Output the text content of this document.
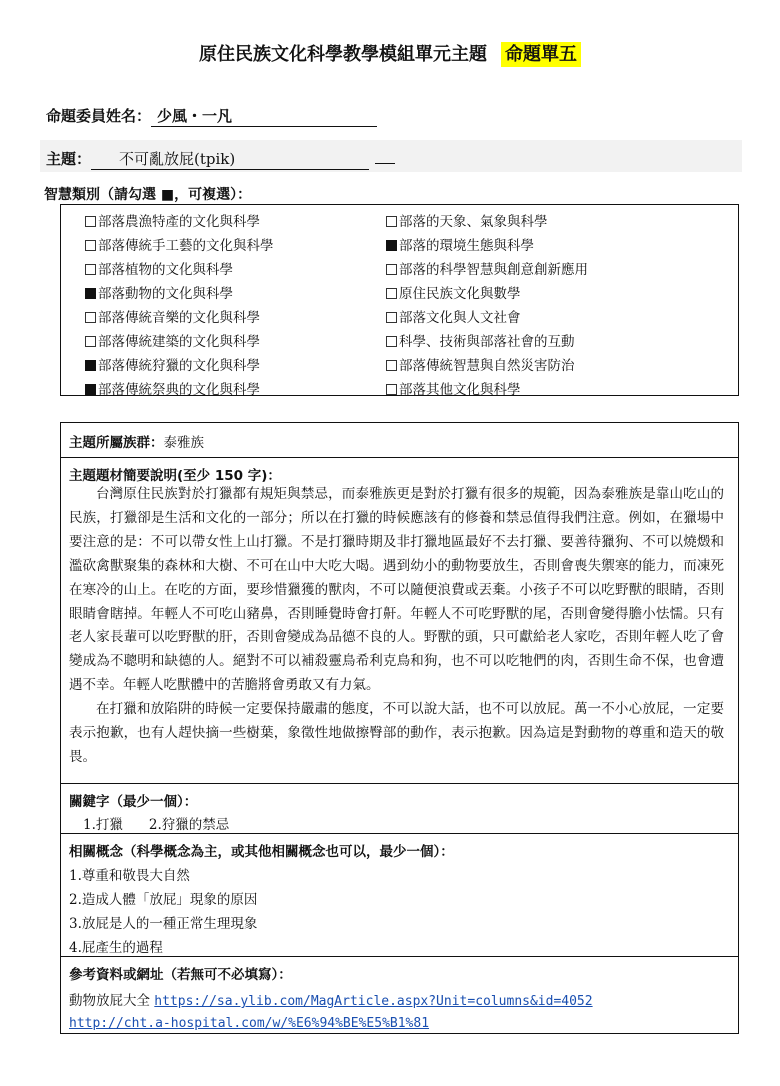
原住民族文化科學教學模組單元主題 命題單五
命題委員姓名： 少風・一凡
主題： 不可亂放屁(tpik)
智慧類別（請勾選 ■，可複選）：
部落農漁特產的文化與科學	部落的天象、氣象與科學
部落傳統手工藝的文化與科學	部落的環境生態與科學
部落植物的文化與科學	部落的科學智慧與創意創新應用
部落動物的文化與科學	原住民族文化與數學
部落傳統音樂的文化與科學	部落文化與人文社會
部落傳統建築的文化與科學	科學、技術與部落社會的互動
部落傳統狩獵的文化與科學	部落傳統智慧與自然災害防治
部落傳統祭典的文化與科學	部落其他文化與科學
主題所屬族群：泰雅族
主題題材簡要說明(至少 150 字)：

台灣原住民族對於打獵都有規矩與禁忌，而泰雅族更是對於打獵有很多的規範，因為泰雅族是靠山吃山的民族，打獵卻是生活和文化的一部分；所以在打獵的時候應該有的修養和禁忌值得我們注意。例如，在獵場中要注意的是：不可以帶女性上山打獵。不是打獵時期及非打獵地區最好不去打獵、要善待獵狗、不可以燒燬和濫砍禽獸聚集的森林和大樹、不可在山中大吃大喝。遇到幼小的動物要放生，否則會喪失禦寒的能力，而凍死在寒冷的山上。在吃的方面，要珍惜獵獲的獸肉，不可以隨便浪費或丟棄。小孩子不可以吃野獸的眼睛，否則眼睛會瞎掉。年輕人不可吃山豬鼻，否則睡覺時會打鼾。年輕人不可吃野獸的尾，否則會變得膽小怯懦。只有老人家長輩可以吃野獸的肝，否則會變成為品德不良的人。野獸的頭，只可獻給老人家吃，否則年輕人吃了會變成為不聰明和缺德的人。絕對不可以補殺靈鳥希利克鳥和狗，也不可以吃牠們的肉，否則生命不保，也會遭遇不幸。年輕人吃獸體中的苦膽將會勇敢又有力氣。

在打獵和放陷阱的時候一定要保持嚴肅的態度，不可以說大話，也不可以放屁。萬一不小心放屁，一定要表示抱歉，也有人趕快摘一些樹葉，象徵性地做擦臀部的動作，表示抱歉。因為這是對動物的尊重和造天的敬畏。

關鍵字（最少一個）：
1.打獵 2.狩獵的禁忌
相關概念（科學概念為主，或其他相關概念也可以，最少一個）：
1.尊重和敬畏大自然
2.造成人體「放屁」現象的原因
3.放屁是人的一種正常生理現象
4.屁產生的過程
參考資料或網址（若無可不必填寫）：
動物放屁大全 https://sa.ylib.com/MagArticle.aspx?Unit=columns&id=4052
http://cht.a-hospital.com/w/%E6%94%BE%E5%B1%81
